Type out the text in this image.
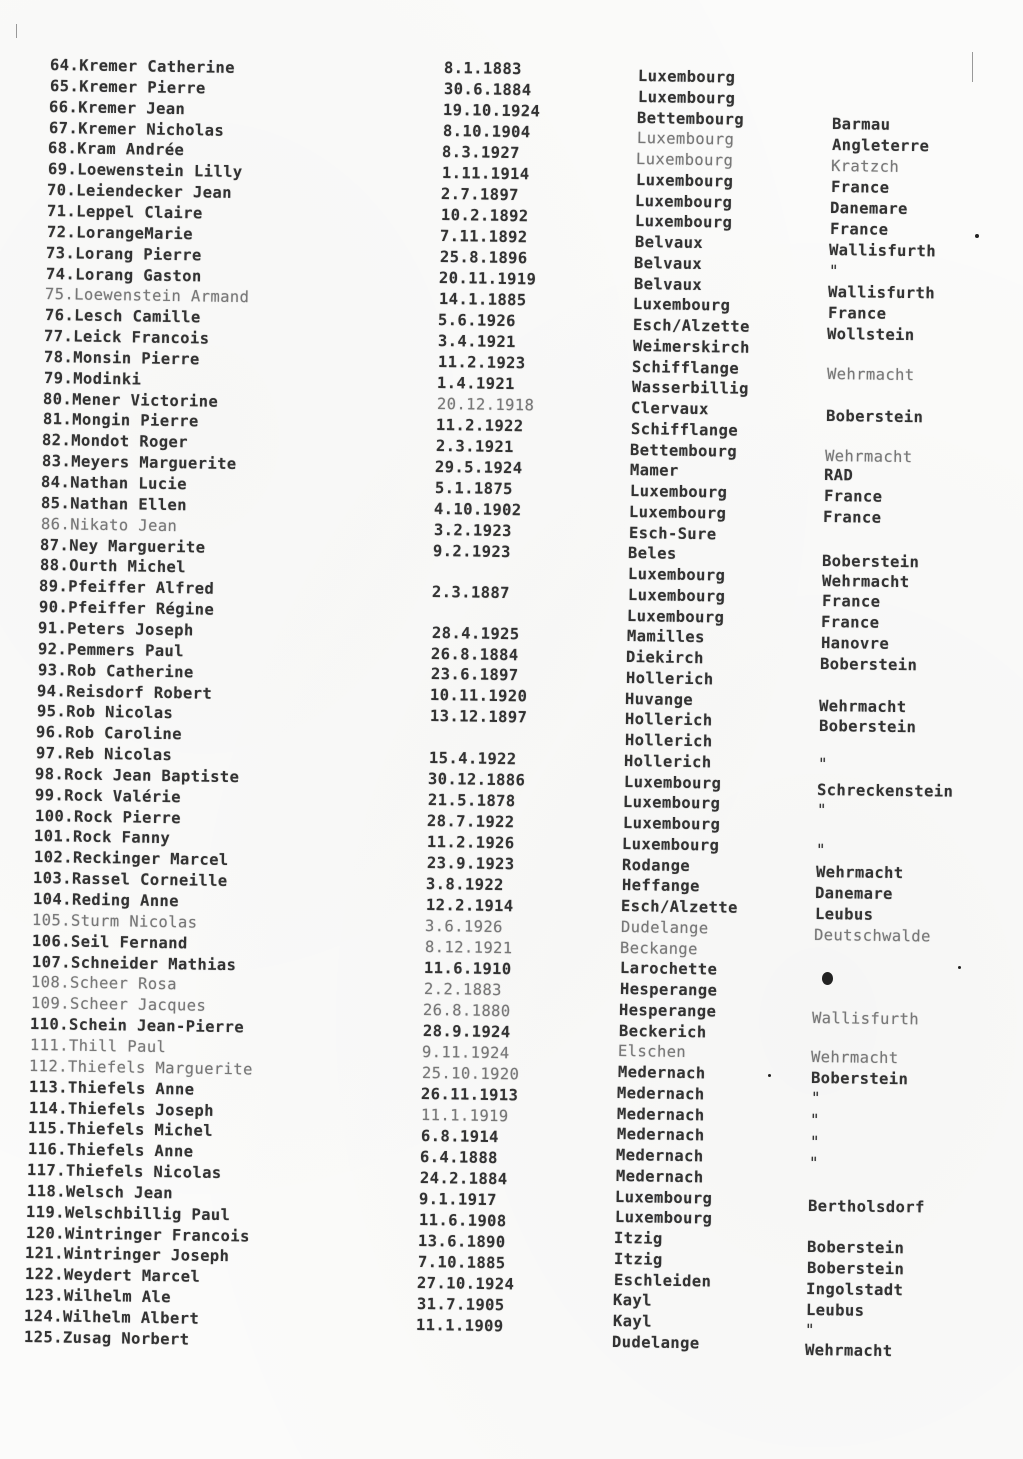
64.Kremer Catherine
65.Kremer Pierre
66.Kremer Jean
67.Kremer Nicholas
68.Kram Andrée
69.Loewenstein Lilly
70.Leiendecker Jean
71.Leppel Claire
72.LorangeMarie
73.Lorang Pierre
74.Lorang Gaston
75.Loewenstein Armand
76.Lesch Camille
77.Leick Francois
78.Monsin Pierre
79.Modinki
80.Mener Victorine
81.Mongin Pierre
82.Mondot Roger
83.Meyers Marguerite
84.Nathan Lucie
85.Nathan Ellen
86.Nikato Jean
87.Ney Marguerite
88.Ourth Michel
89.Pfeiffer Alfred
90.Pfeiffer Régine
91.Peters Joseph
92.Pemmers Paul
93.Rob Catherine
94.Reisdorf Robert
95.Rob Nicolas
96.Rob Caroline
97.Reb Nicolas
98.Rock Jean Baptiste
99.Rock Valérie
100.Rock Pierre
101.Rock Fanny
102.Reckinger Marcel
103.Rassel Corneille
104.Reding Anne
105.Sturm Nicolas
106.Seil Fernand
107.Schneider Mathias
108.Scheer Rosa
109.Scheer Jacques
110.Schein Jean-Pierre
111.Thill Paul
112.Thiefels Marguerite
113.Thiefels Anne
114.Thiefels Joseph
115.Thiefels Michel
116.Thiefels Anne
117.Thiefels Nicolas
118.Welsch Jean
119.Welschbillig Paul
120.Wintringer Francois
121.Wintringer Joseph
122.Weydert Marcel
123.Wilhelm Ale
124.Wilhelm Albert
125.Zusag Norbert
8.1.1883
30.6.1884
19.10.1924
8.10.1904
8.3.1927
1.11.1914
2.7.1897
10.2.1892
7.11.1892
25.8.1896
20.11.1919
14.1.1885
5.6.1926
3.4.1921
11.2.1923
1.4.1921
20.12.1918
11.2.1922
2.3.1921
29.5.1924
5.1.1875
4.10.1902
3.2.1923
9.2.1923
2.3.1887
28.4.1925
26.8.1884
23.6.1897
10.11.1920
13.12.1897
15.4.1922
30.12.1886
21.5.1878
28.7.1922
11.2.1926
23.9.1923
3.8.1922
12.2.1914
3.6.1926
8.12.1921
11.6.1910
2.2.1883
26.8.1880
28.9.1924
9.11.1924
25.10.1920
26.11.1913
11.1.1919
6.8.1914
6.4.1888
24.2.1884
9.1.1917
11.6.1908
13.6.1890
7.10.1885
27.10.1924
31.7.1905
11.1.1909
Luxembourg
Luxembourg
Bettembourg
Luxembourg
Luxembourg
Luxembourg
Luxembourg
Luxembourg
Belvaux
Belvaux
Belvaux
Luxembourg
Esch/Alzette
Weimerskirch
Schifflange
Wasserbillig
Clervaux
Schifflange
Bettembourg
Mamer
Luxembourg
Luxembourg
Esch-Sure
Beles
Luxembourg
Luxembourg
Luxembourg
Mamilles
Diekirch
Hollerich
Huvange
Hollerich
Hollerich
Hollerich
Luxembourg
Luxembourg
Luxembourg
Luxembourg
Rodange
Heffange
Esch/Alzette
Dudelange
Beckange
Larochette
Hesperange
Hesperange
Beckerich
Elschen
Medernach
Medernach
Medernach
Medernach
Medernach
Medernach
Luxembourg
Luxembourg
Itzig
Itzig
Eschleiden
Kayl
Kayl
Dudelange
Barmau
Angleterre
Kratzch
France
Danemare
France
Wallisfurth
"
Wallisfurth
France
Wollstein
Wehrmacht
Boberstein
Wehrmacht
RAD
France
France
Boberstein
Wehrmacht
France
France
Hanovre
Boberstein
Wehrmacht
Boberstein
"
Schreckenstein
"
"
Wehrmacht
Danemare
Leubus
Deutschwalde
Wallisfurth
Wehrmacht
Boberstein
"
"
"
"
Bertholsdorf
Boberstein
Boberstein
Ingolstadt
Leubus
"
Wehrmacht
